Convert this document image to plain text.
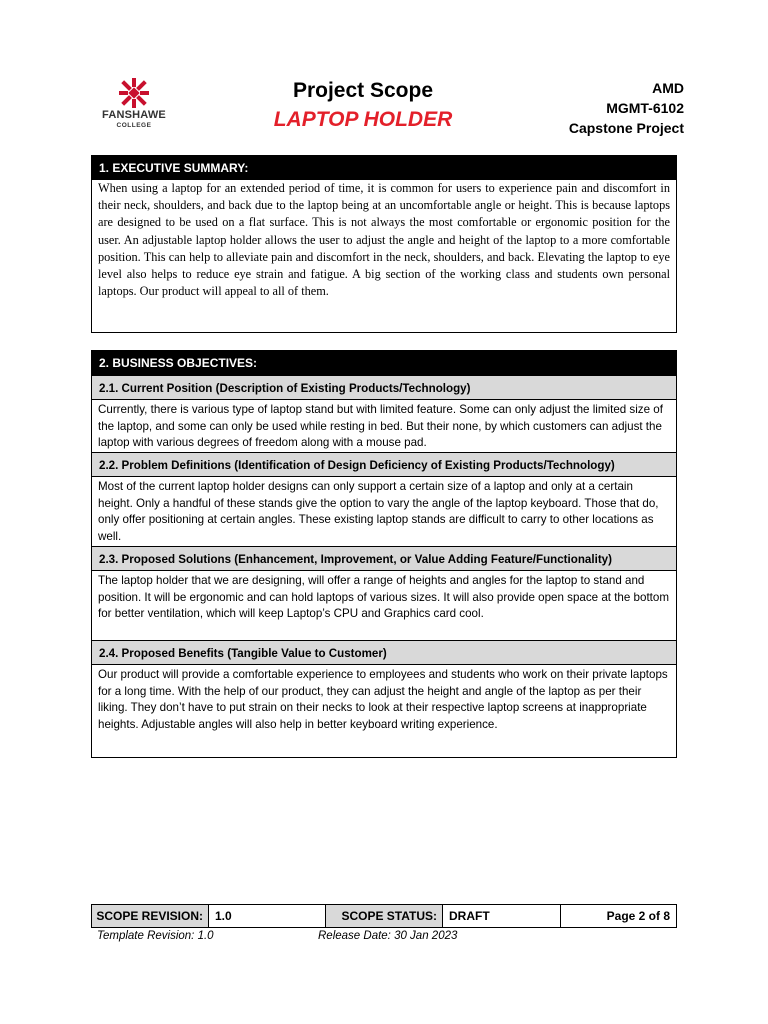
FANSHAWE
COLLEGE
Project Scope
LAPTOP HOLDER
AMD
MGMT-6102
Capstone Project
1. EXECUTIVE SUMMARY:
When using a laptop for an extended period of time, it is common for users to experience pain and discomfort in their neck, shoulders, and back due to the laptop being at an uncomfortable angle or height. This is because laptops are designed to be used on a flat surface. This is not always the most comfortable or ergonomic position for the user. An adjustable laptop holder allows the user to adjust the angle and height of the laptop to a more comfortable position. This can help to alleviate pain and discomfort in the neck, shoulders, and back. Elevating the laptop to eye level also helps to reduce eye strain and fatigue. A big section of the working class and students own personal laptops. Our product will appeal to all of them.
2. BUSINESS OBJECTIVES:
2.1. Current Position (Description of Existing Products/Technology)
Currently, there is various type of laptop stand but with limited feature. Some can only adjust the limited size of the laptop, and some can only be used while resting in bed. But their none, by which customers can adjust the laptop with various degrees of freedom along with a mouse pad.
2.2. Problem Definitions (Identification of Design Deficiency of Existing Products/Technology)
Most of the current laptop holder designs can only support a certain size of a laptop and only at a certain height. Only a handful of these stands give the option to vary the angle of the laptop keyboard. Those that do, only offer positioning at certain angles. These existing laptop stands are difficult to carry to other locations as well.
2.3. Proposed Solutions (Enhancement, Improvement, or Value Adding Feature/Functionality)
The laptop holder that we are designing, will offer a range of heights and angles for the laptop to stand and position. It will be ergonomic and can hold laptops of various sizes. It will also provide open space at the bottom for better ventilation, which will keep Laptop’s CPU and Graphics card cool.
2.4. Proposed Benefits (Tangible Value to Customer)
Our product will provide a comfortable experience to employees and students who work on their private laptops for a long time. With the help of our product, they can adjust the height and angle of the laptop as per their liking. They don’t have to put strain on their necks to look at their respective laptop screens at inappropriate heights. Adjustable angles will also help in better keyboard writing experience.
SCOPE REVISION:	1.0	SCOPE STATUS:	DRAFT	Page 2 of 8
Template Revision: 1.0	Release Date: 30 Jan 2023
